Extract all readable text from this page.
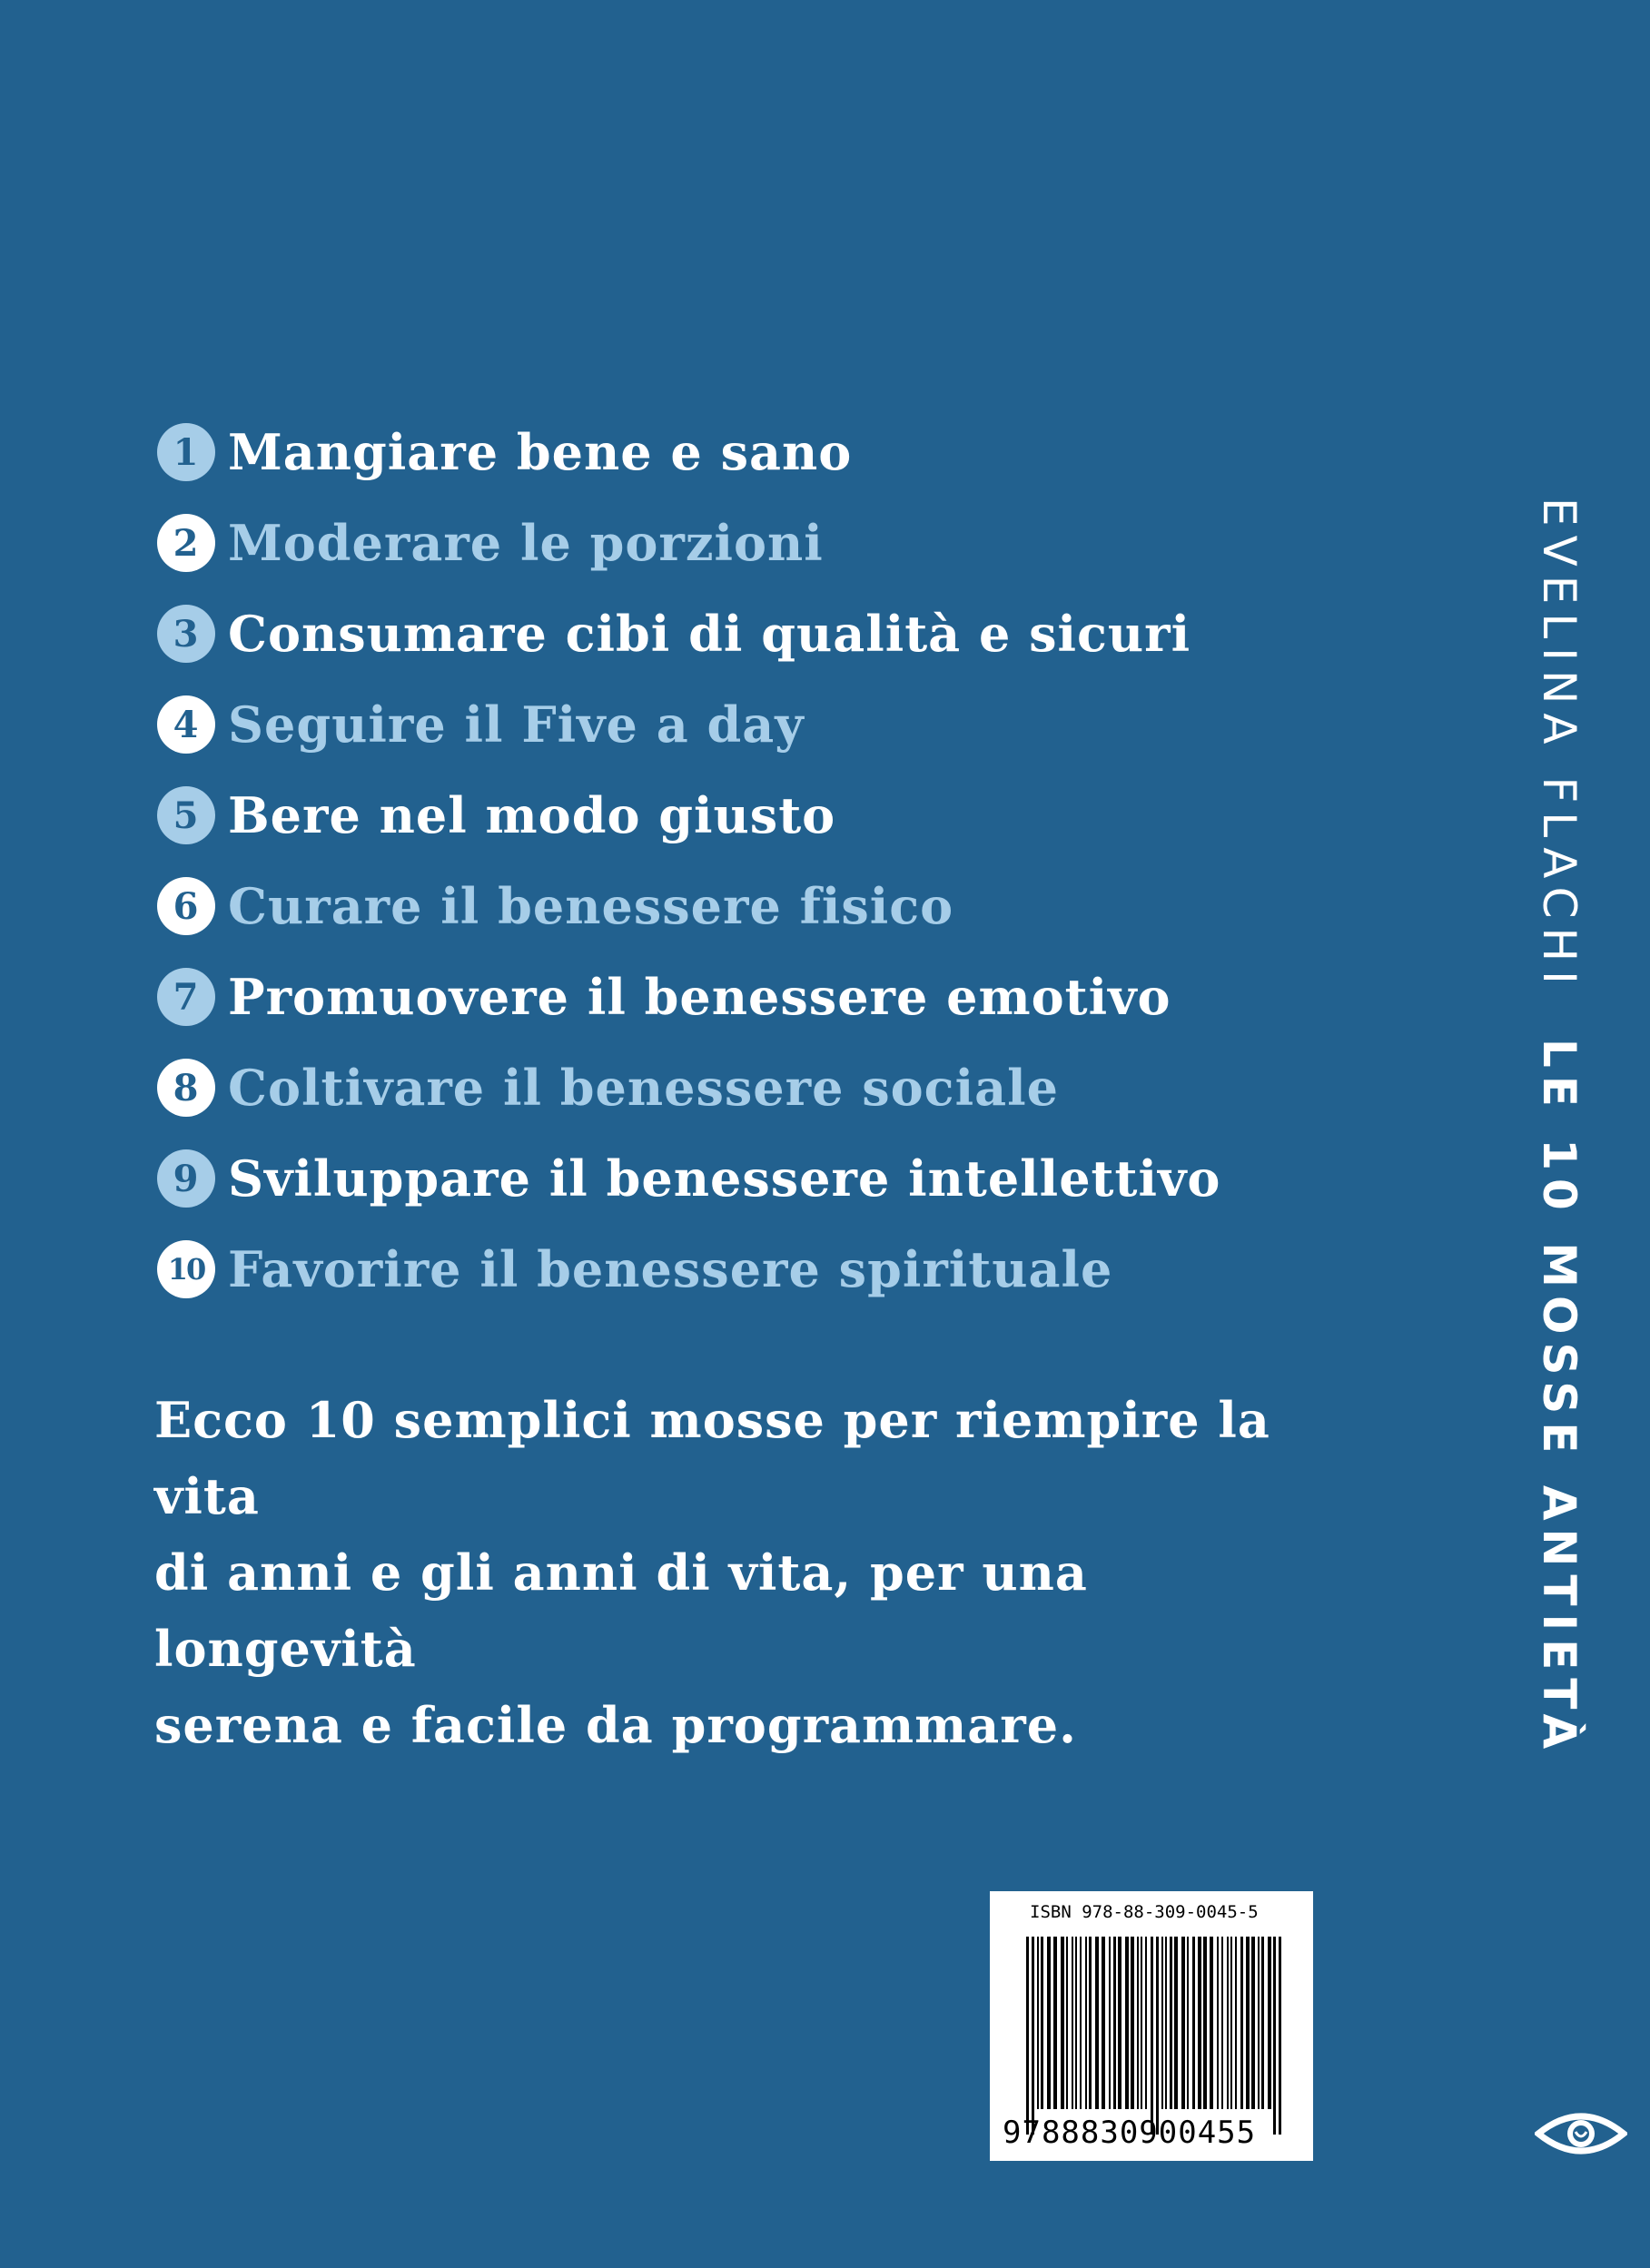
1 Mangiare bene e sano
2 Moderare le porzioni
3 Consumare cibi di qualità e sicuri
4 Seguire il Five a day
5 Bere nel modo giusto
6 Curare il benessere fisico
7 Promuovere il benessere emotivo
8 Coltivare il benessere sociale
9 Sviluppare il benessere intellettivo
10 Favorire il benessere spirituale

Ecco 10 semplici mosse per riempire la vita
di anni e gli anni di vita, per una longevità
serena e facile da programmare.

EVELINA FLACHI
LE 10 MOSSE ANTIETÀ
ISBN 978-88-309-0045-5
9788830900455
